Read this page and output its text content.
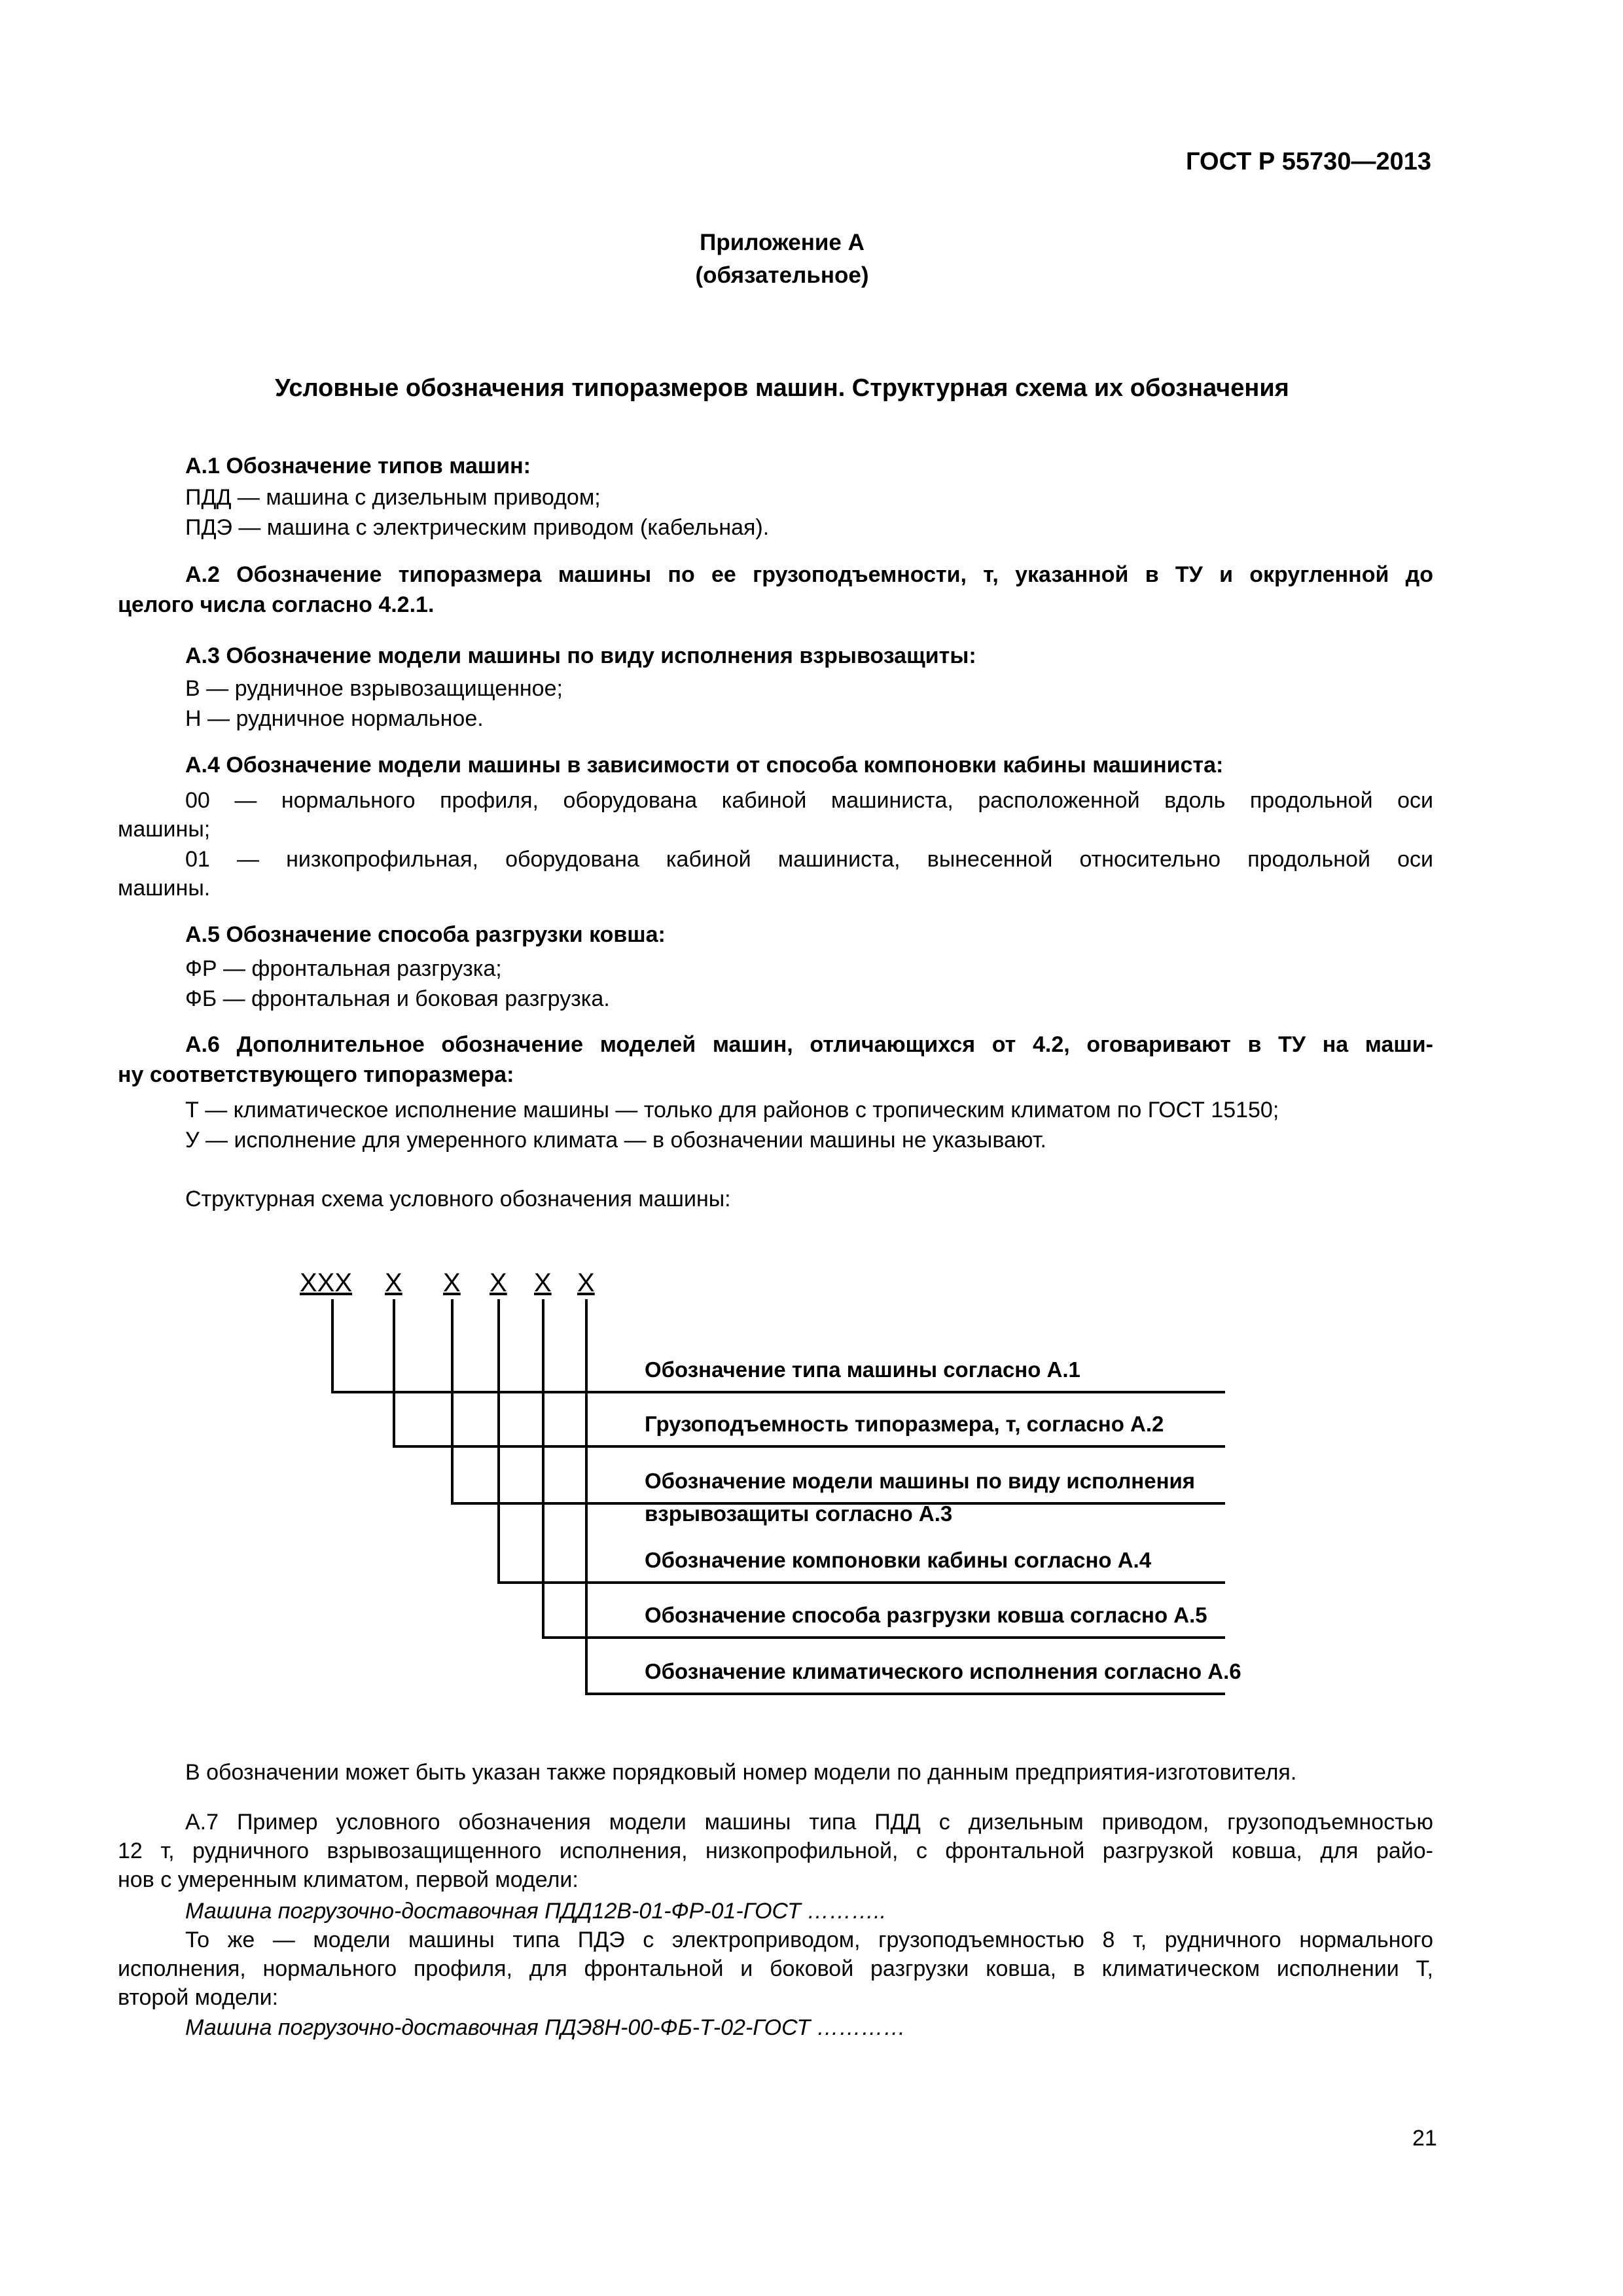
ГОСТ Р 55730—2013
Приложение А
(обязательное)
Условные обозначения типоразмеров машин. Структурная схема их обозначения
А.1 Обозначение типов машин:
ПДД — машина с дизельным приводом;
ПДЭ — машина с электрическим приводом (кабельная).
А.2 Обозначение типоразмера машины по ее грузоподъемности, т, указанной в ТУ и округленной до
целого числа согласно 4.2.1.
А.3 Обозначение модели машины по виду исполнения взрывозащиты:
В — рудничное взрывозащищенное;
Н — рудничное нормальное.
А.4 Обозначение модели машины в зависимости от способа компоновки кабины машиниста:
00 — нормального профиля, оборудована кабиной машиниста, расположенной вдоль продольной оси
машины;
01 — низкопрофильная, оборудована кабиной машиниста, вынесенной относительно продольной оси
машины.
А.5 Обозначение способа разгрузки ковша:
ФР — фронтальная разгрузка;
ФБ — фронтальная и боковая разгрузка.
А.6 Дополнительное обозначение моделей машин, отличающихся от 4.2, оговаривают в ТУ на маши-
ну соответствующего типоразмера:
Т — климатическое исполнение машины — только для районов с тропическим климатом по ГОСТ 15150;
У — исполнение для умеренного климата — в обозначении машины не указывают.
Структурная схема условного обозначения машины:
ХХХ Х Х Х Х Х
Обозначение типа машины согласно А.1
Грузоподъемность типоразмера, т, согласно А.2
Обозначение модели машины по виду исполнения
взрывозащиты согласно А.3
Обозначение компоновки кабины согласно А.4
Обозначение способа разгрузки ковша согласно А.5
Обозначение климатического исполнения согласно А.6
В обозначении может быть указан также порядковый номер модели по данным предприятия-изготовителя.
А.7 Пример условного обозначения модели машины типа ПДД с дизельным приводом, грузоподъемностью
12 т, рудничного взрывозащищенного исполнения, низкопрофильной, с фронтальной разгрузкой ковша, для райо-
нов с умеренным климатом, первой модели:
Машина погрузочно-доставочная ПДД12В-01-ФР-01-ГОСТ ………..
То же — модели машины типа ПДЭ с электроприводом, грузоподъемностью 8 т, рудничного нормального
исполнения, нормального профиля, для фронтальной и боковой разгрузки ковша, в климатическом исполнении Т,
второй модели:
Машина погрузочно-доставочная ПДЭ8Н-00-ФБ-Т-02-ГОСТ …………
21
